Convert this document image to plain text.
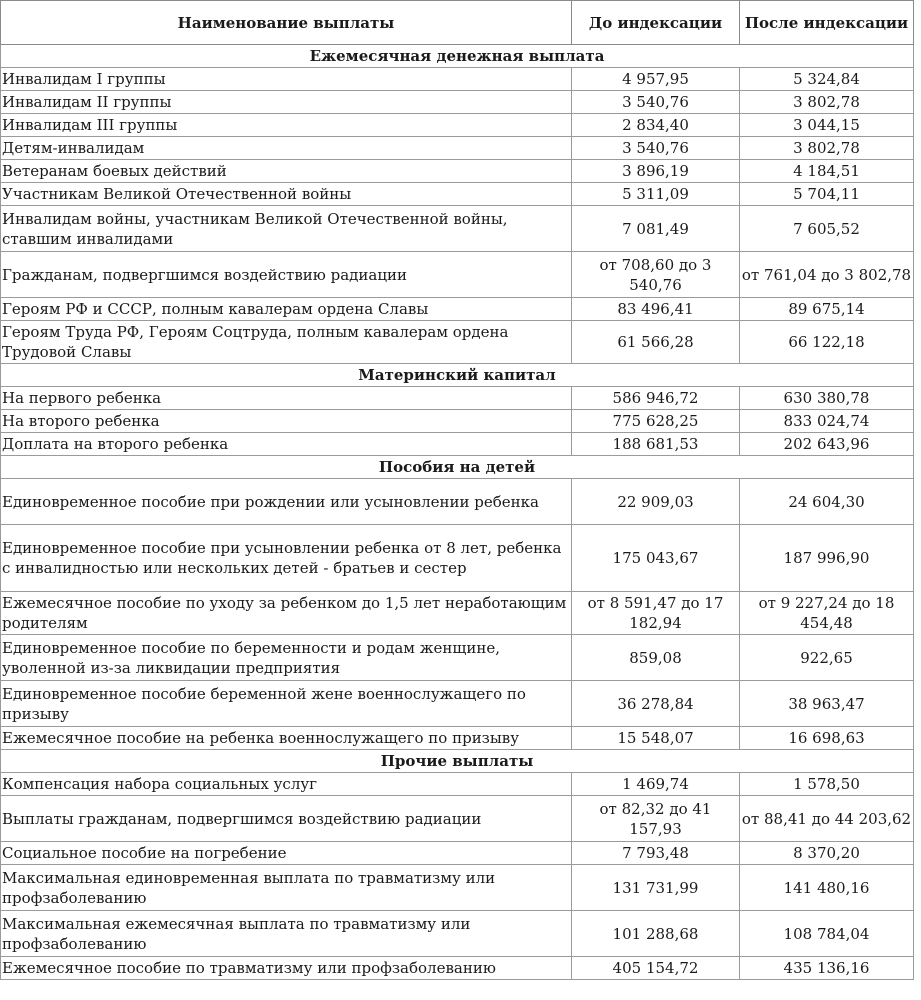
Наименование выплаты	До индексации	После индексации
Ежемесячная денежная выплата		
Инвалидам I группы	4 957,95	5 324,84
Инвалидам II группы	3 540,76	3 802,78
Инвалидам III группы	2 834,40	3 044,15
Детям-инвалидам	3 540,76	3 802,78
Ветеранам боевых действий	3 896,19	4 184,51
Участникам Великой Отечественной войны	5 311,09	5 704,11
Инвалидам войны, участникам Великой Отечественной войны, ставшим инвалидами	7 081,49	7 605,52
Гражданам, подвергшимся воздействию радиации	от 708,60 до 3 540,76	от 761,04 до 3 802,78
Героям РФ и СССР, полным кавалерам ордена Славы	83 496,41	89 675,14
Героям Труда РФ, Героям Соцтруда, полным кавалерам ордена Трудовой Славы	61 566,28	66 122,18
Материнский капитал		
На первого ребенка	586 946,72	630 380,78
На второго ребенка	775 628,25	833 024,74
Доплата на второго ребенка	188 681,53	202 643,96
Пособия на детей		
Единовременное пособие при рождении или усыновлении ребенка	22 909,03	24 604,30
Единовременное пособие при усыновлении ребенка от 8 лет, ребенка с инвалидностью или нескольких детей - братьев и сестер	175 043,67	187 996,90
Ежемесячное пособие по уходу за ребенком до 1,5 лет неработающим родителям	от 8 591,47 до 17 182,94	от 9 227,24 до 18 454,48
Единовременное пособие по беременности и родам женщине, уволенной из-за ликвидации предприятия	859,08	922,65
Единовременное пособие беременной жене военнослужащего по призыву	36 278,84	38 963,47
Ежемесячное пособие на ребенка военнослужащего по призыву	15 548,07	16 698,63
Прочие выплаты		
Компенсация набора социальных услуг	1 469,74	1 578,50
Выплаты гражданам, подвергшимся воздействию радиации	от 82,32 до 41 157,93	от 88,41 до 44 203,62
Социальное пособие на погребение	7 793,48	8 370,20
Максимальная единовременная выплата по травматизму или профзаболеванию	131 731,99	141 480,16
Максимальная ежемесячная выплата по травматизму или профзаболеванию	101 288,68	108 784,04
Ежемесячное пособие по травматизму или профзаболеванию	405 154,72	435 136,16
